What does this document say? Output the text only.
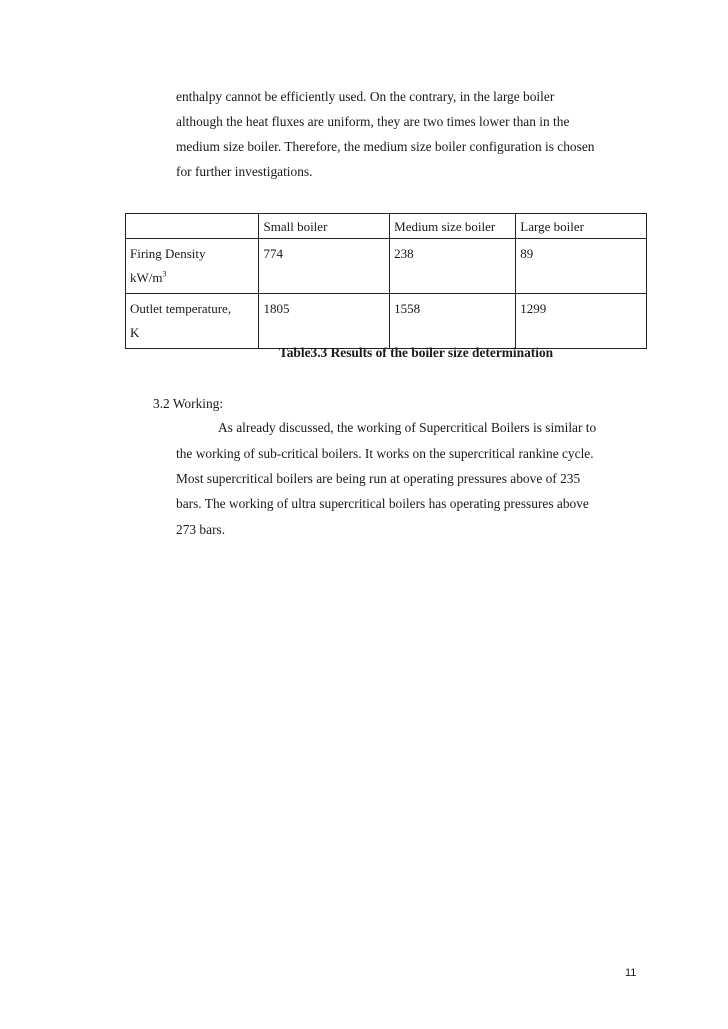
enthalpy cannot be efficiently used. On the contrary, in the large boiler
although the heat fluxes are uniform, they are two times lower than in the
medium size boiler. Therefore, the medium size boiler configuration is chosen
for further investigations.
	Small boiler	Medium size boiler	Large boiler
Firing Density
$kW/m^3$	774	238	89
Outlet temperature,
K	1805	1558	1299
Table3.3 Results of the boiler size determination
3.2 Working:
As already discussed, the working of Supercritical Boilers is similar to
the working of sub-critical boilers. It works on the supercritical rankine cycle.
Most supercritical boilers are being run at operating pressures above of 235
bars. The working of ultra supercritical boilers has operating pressures above
273 bars.
11
